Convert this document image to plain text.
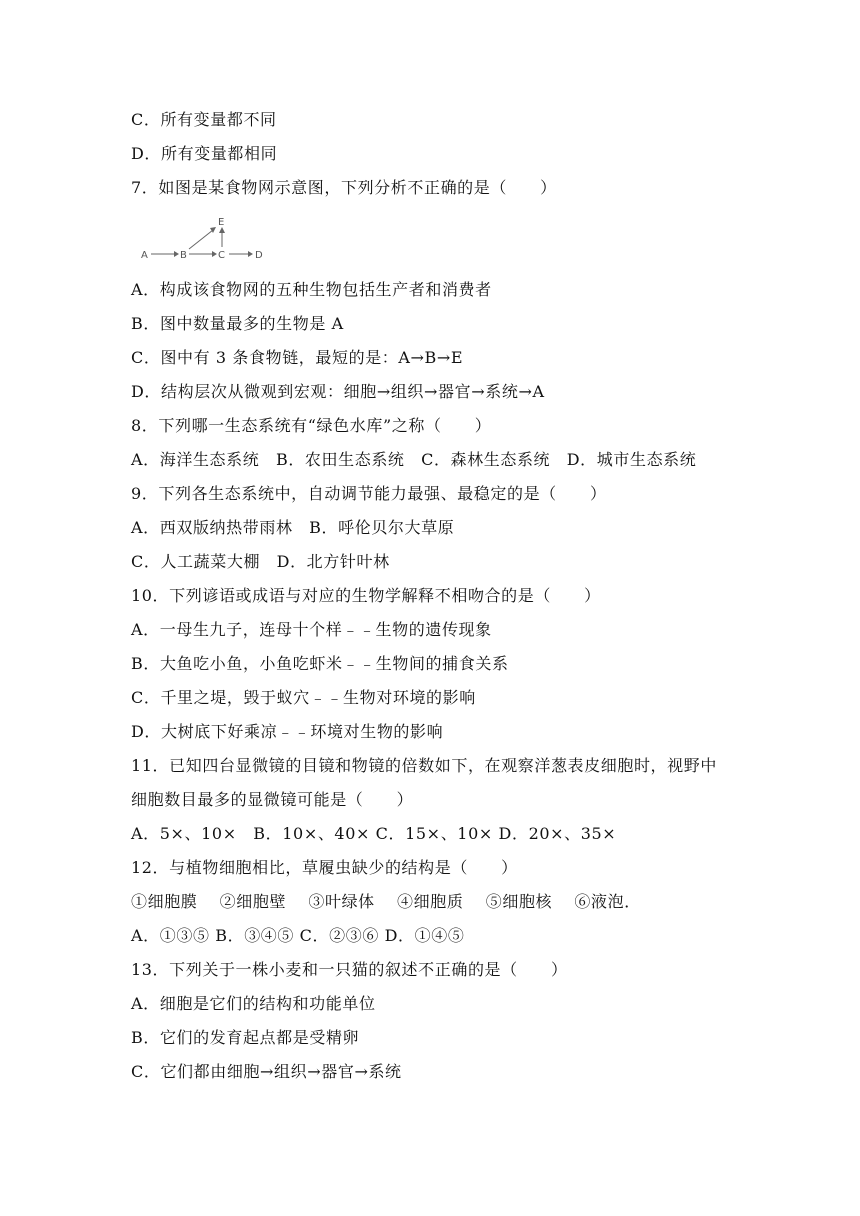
C．所有变量都不同
D．所有变量都相同
7．如图是某食物网示意图，下列分析不正确的是（　　）
A	B	C
E
D
A．构成该食物网的五种生物包括生产者和消费者
B．图中数量最多的生物是 A
C．图中有 3 条食物链，最短的是：A→B→E
D．结构层次从微观到宏观：细胞→组织→器官→系统→A
8．下列哪一生态系统有“绿色水库”之称（　　）
A．海洋生态系统　B．农田生态系统　C．森林生态系统　D．城市生态系统
9．下列各生态系统中，自动调节能力最强、最稳定的是（　　）
A．西双版纳热带雨林　B．呼伦贝尔大草原
C．人工蔬菜大棚　D．北方针叶林
10．下列谚语或成语与对应的生物学解释不相吻合的是（　　）
A．一母生九子，连母十个样﹣﹣生物的遗传现象
B．大鱼吃小鱼，小鱼吃虾米﹣﹣生物间的捕食关系
C．千里之堤，毁于蚁穴﹣﹣生物对环境的影响
D．大树底下好乘凉﹣﹣环境对生物的影响
11．已知四台显微镜的目镜和物镜的倍数如下，在观察洋葱表皮细胞时，视野中
细胞数目最多的显微镜可能是（　　）
A．5×、10×　B．10×、40× C．15×、10× D．20×、35×
12．与植物细胞相比，草履虫缺少的结构是（　　）
①细胞膜　 ②细胞壁　 ③叶绿体　 ④细胞质　 ⑤细胞核　 ⑥液泡．
A．①③⑤ B．③④⑤ C．②③⑥ D．①④⑤
13．下列关于一株小麦和一只猫的叙述不正确的是（　　）
A．细胞是它们的结构和功能单位
B．它们的发育起点都是受精卵
C．它们都由细胞→组织→器官→系统
